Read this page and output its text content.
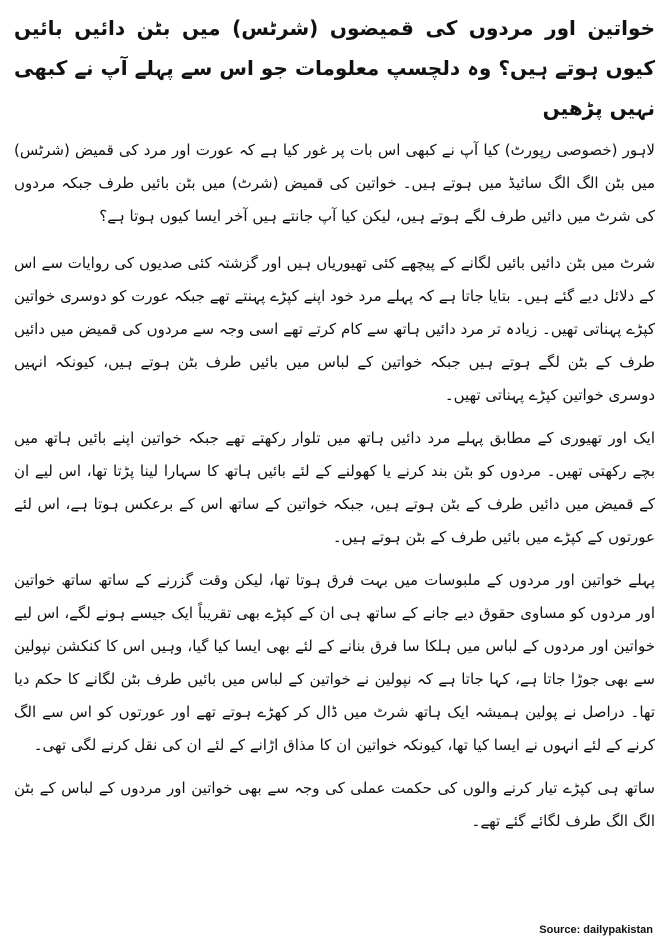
خواتین اور مردوں کی قمیضوں (شرٹس) میں بٹن دائیں بائیں کیوں ہوتے ہیں؟ وہ دلچسپ معلومات جو اس سے پہلے آپ نے کبھی نہیں پڑھیں

لاہور (خصوصی رپورٹ) کیا آپ نے کبھی اس بات پر غور کیا ہے کہ عورت اور مرد کی قمیض (شرٹس) میں بٹن الگ الگ سائیڈ میں ہوتے ہیں۔ خواتین کی قمیض (شرٹ) میں بٹن بائیں طرف جبکہ مردوں کی شرٹ میں دائیں طرف لگے ہوتے ہیں، لیکن کیا آپ جانتے ہیں آخر ایسا کیوں ہوتا ہے؟

شرٹ میں بٹن دائیں بائیں لگانے کے پیچھے کئی تھیوریاں ہیں اور گزشتہ کئی صدیوں کی روایات سے اس کے دلائل دیے گئے ہیں۔ بتایا جاتا ہے کہ پہلے مرد خود اپنے کپڑے پہنتے تھے جبکہ عورت کو دوسری خواتین کپڑے پہناتی تھیں۔ زیادہ تر مرد دائیں ہاتھ سے کام کرتے تھے اسی وجہ سے مردوں کی قمیض میں دائیں طرف کے بٹن لگے ہوتے ہیں جبکہ خواتین کے لباس میں بائیں طرف بٹن ہوتے ہیں، کیونکہ انہیں دوسری خواتین کپڑے پہناتی تھیں۔

ایک اور تھیوری کے مطابق پہلے مرد دائیں ہاتھ میں تلوار رکھتے تھے جبکہ خواتین اپنے بائیں ہاتھ میں بچے رکھتی تھیں۔ مردوں کو بٹن بند کرنے یا کھولنے کے لئے بائیں ہاتھ کا سہارا لینا پڑتا تھا، اس لیے ان کے قمیض میں دائیں طرف کے بٹن ہوتے ہیں، جبکہ خواتین کے ساتھ اس کے برعکس ہوتا ہے، اس لئے عورتوں کے کپڑے میں بائیں طرف کے بٹن ہوتے ہیں۔

پہلے خواتین اور مردوں کے ملبوسات میں بہت فرق ہوتا تھا، لیکن وقت گزرنے کے ساتھ ساتھ خواتین اور مردوں کو مساوی حقوق دیے جانے کے ساتھ ہی ان کے کپڑے بھی تقریباً ایک جیسے ہونے لگے، اس لیے خواتین اور مردوں کے لباس میں ہلکا سا فرق بنانے کے لئے بھی ایسا کیا گیا، وہیں اس کا کنکشن نپولین سے بھی جوڑا جاتا ہے، کہا جاتا ہے کہ نپولین نے خواتین کے لباس میں بائیں طرف بٹن لگانے کا حکم دیا تھا۔ دراصل نے پولین ہمیشہ ایک ہاتھ شرٹ میں ڈال کر کھڑے ہوتے تھے اور عورتوں کو اس سے الگ کرنے کے لئے انہوں نے ایسا کیا تھا، کیونکہ خواتین ان کا مذاق اڑانے کے لئے ان کی نقل کرنے لگی تھی۔

ساتھ ہی کپڑے تیار کرنے والوں کی حکمت عملی کی وجہ سے بھی خواتین اور مردوں کے لباس کے بٹن الگ الگ طرف لگائے گئے تھے۔

Source: dailypakistan
